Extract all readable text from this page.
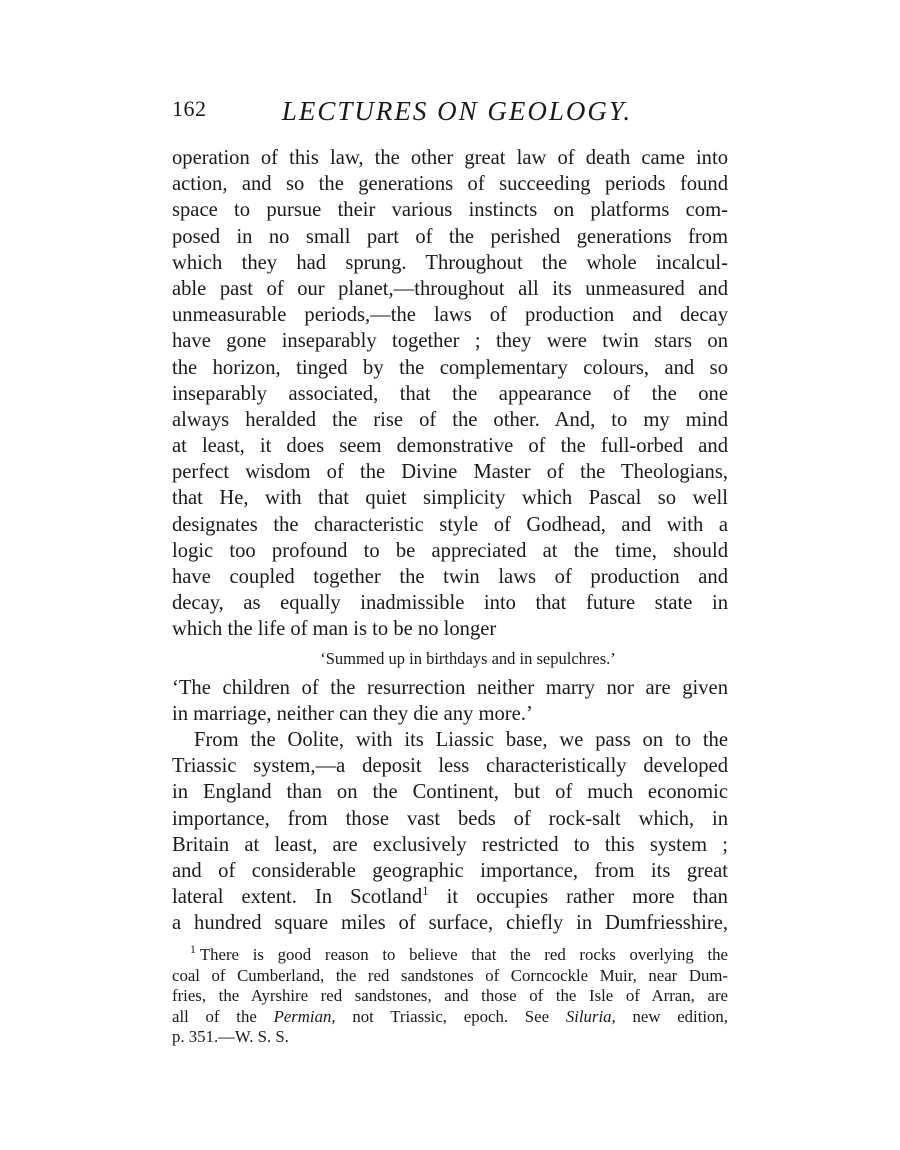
162	LECTURES ON GEOLOGY.
operation of this law, the other great law of death came into
action, and so the generations of succeeding periods found
space to pursue their various instincts on platforms com-
posed in no small part of the perished generations from
which they had sprung. Throughout the whole incalcul-
able past of our planet,—throughout all its unmeasured and
unmeasurable periods,—the laws of production and decay
have gone inseparably together ; they were twin stars on
the horizon, tinged by the complementary colours, and so
inseparably associated, that the appearance of the one
always heralded the rise of the other. And, to my mind
at least, it does seem demonstrative of the full-orbed and
perfect wisdom of the Divine Master of the Theologians,
that He, with that quiet simplicity which Pascal so well
designates the characteristic style of Godhead, and with a
logic too profound to be appreciated at the time, should
have coupled together the twin laws of production and
decay, as equally inadmissible into that future state in
which the life of man is to be no longer
‘Summed up in birthdays and in sepulchres.’
‘The children of the resurrection neither marry nor are given
in marriage, neither can they die any more.’
From the Oolite, with its Liassic base, we pass on to the
Triassic system,—a deposit less characteristically developed
in England than on the Continent, but of much economic
importance, from those vast beds of rock-salt which, in
Britain at least, are exclusively restricted to this system ;
and of considerable geographic importance, from its great
lateral extent. In Scotland$^1$ it occupies rather more than
a hundred square miles of surface, chiefly in Dumfriesshire,
$^1$ There is good reason to believe that the red rocks overlying the
coal of Cumberland, the red sandstones of Corncockle Muir, near Dum-
fries, the Ayrshire red sandstones, and those of the Isle of Arran, are
all of the Permian, not Triassic, epoch. See Siluria, new edition,
p. 351.—W. S. S.
